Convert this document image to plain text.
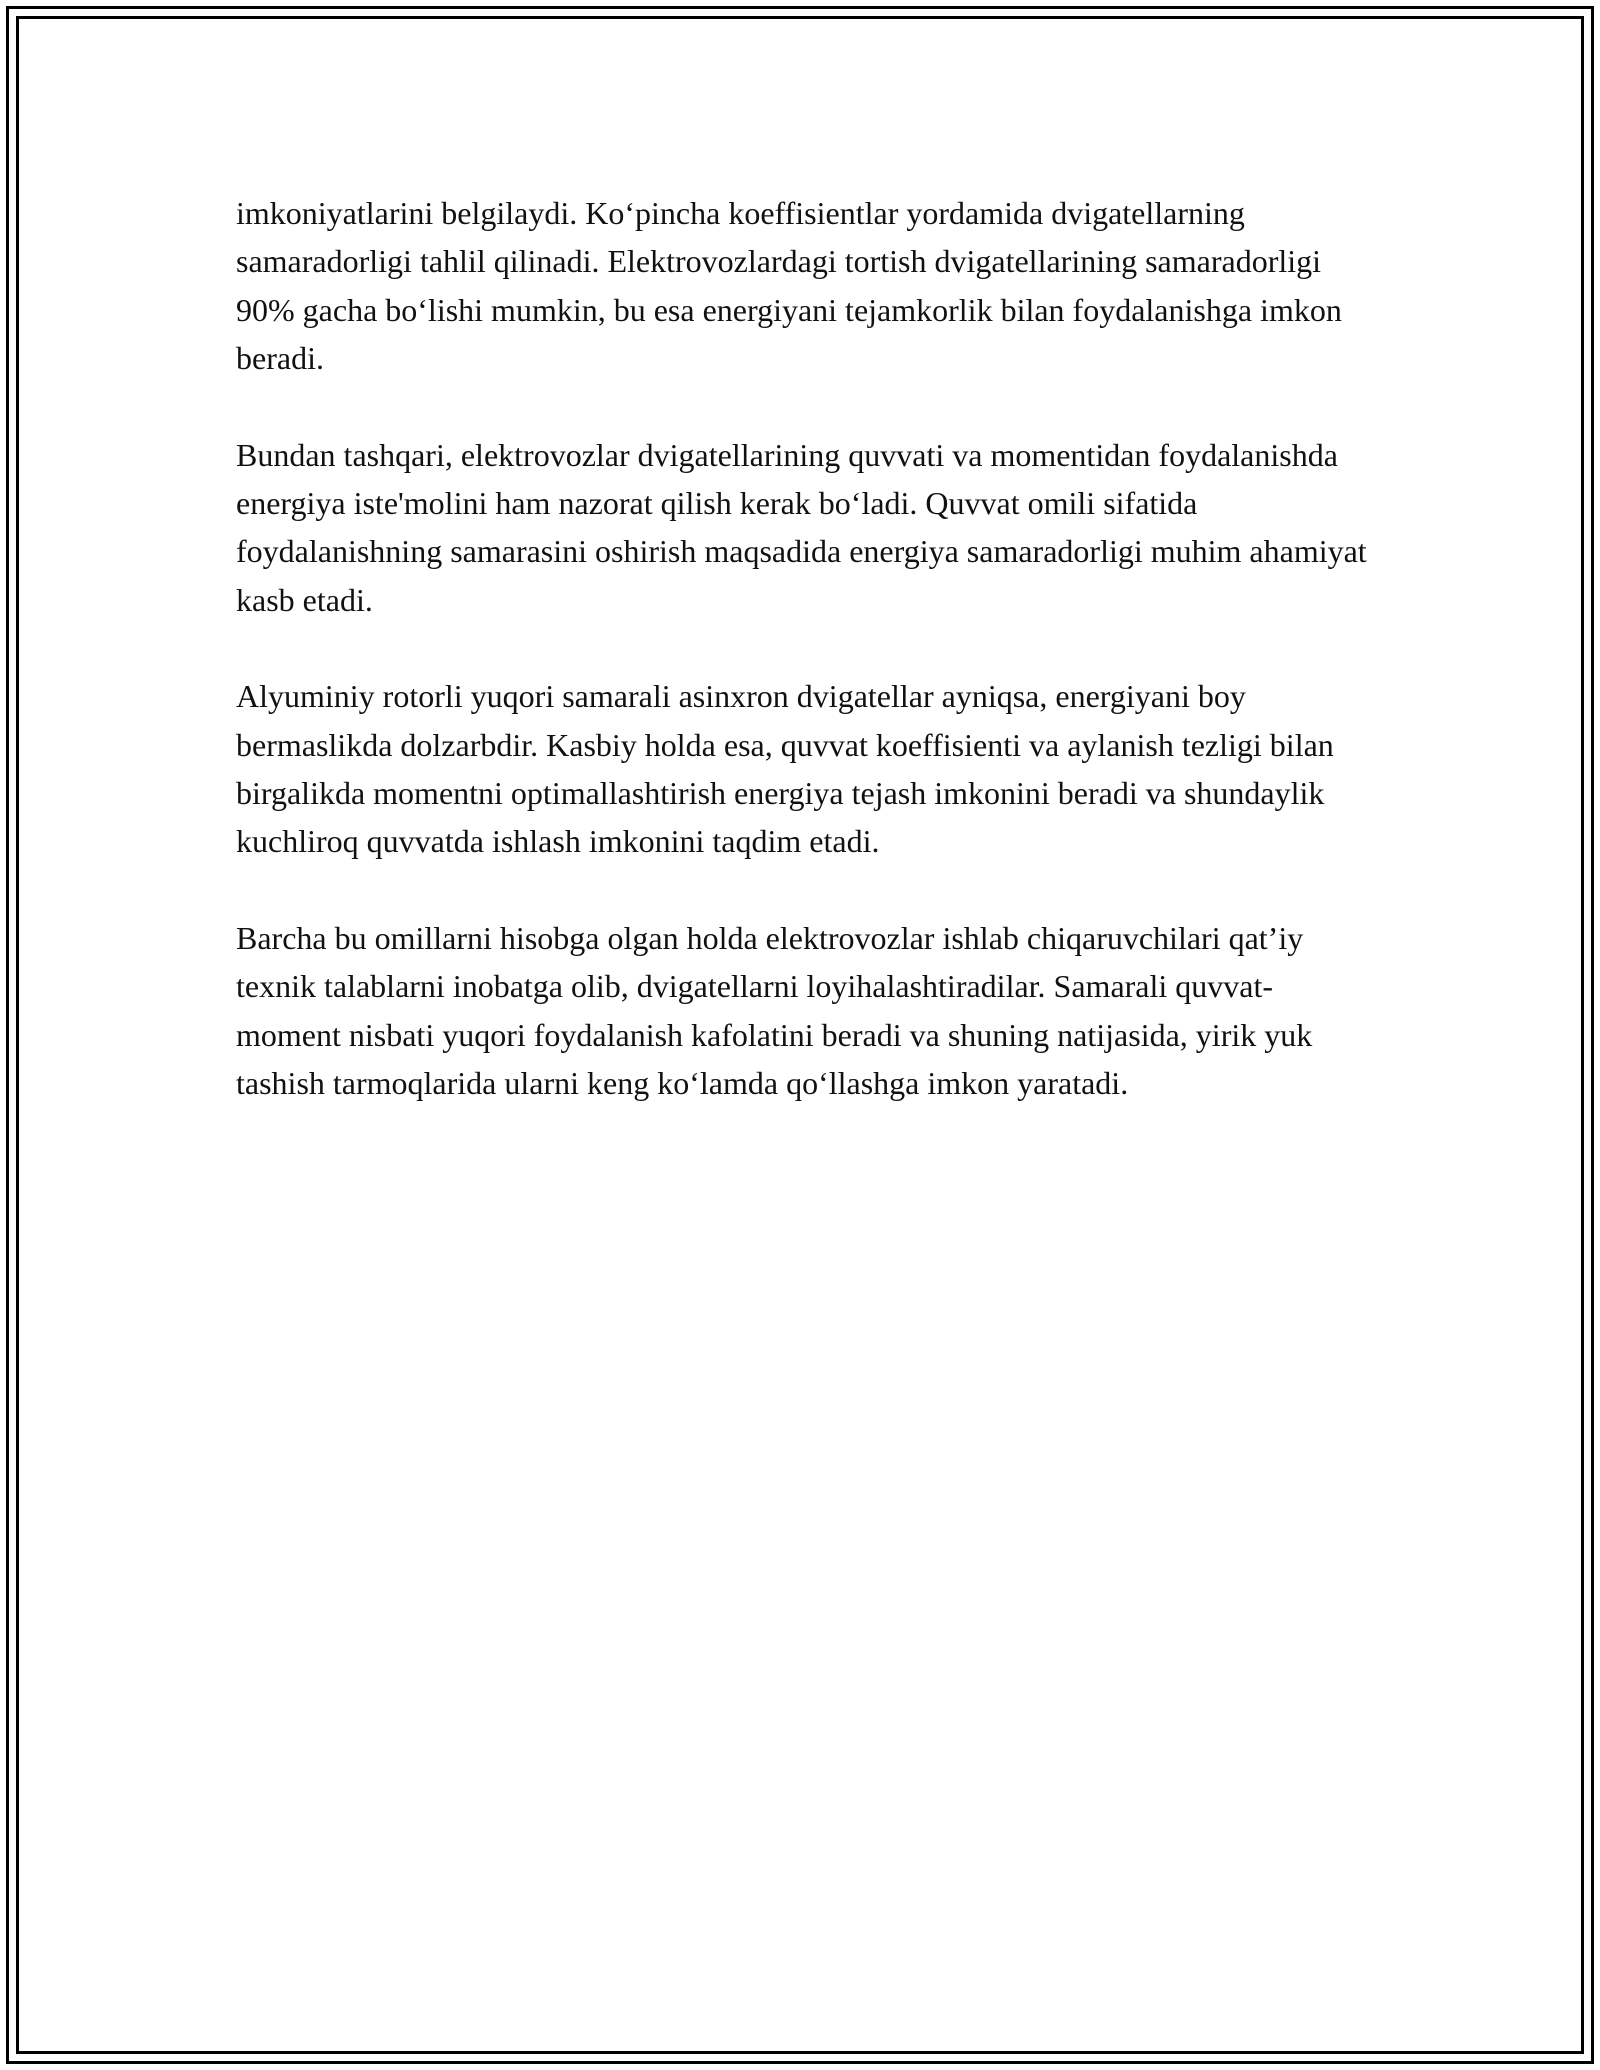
imkoniyatlarini belgilaydi. Ko‘pincha koeffisientlar yordamida dvigatellarning samaradorligi tahlil qilinadi. Elektrovozlardagi tortish dvigatellarining samaradorligi 90% gacha bo‘lishi mumkin, bu esa energiyani tejamkorlik bilan foydalanishga imkon beradi.

Bundan tashqari, elektrovozlar dvigatellarining quvvati va momentidan foydalanishda energiya iste'molini ham nazorat qilish kerak bo‘ladi. Quvvat omili sifatida foydalanishning samarasini oshirish maqsadida energiya samaradorligi muhim ahamiyat kasb etadi.

Alyuminiy rotorli yuqori samarali asinxron dvigatellar ayniqsa, energiyani boy bermaslikda dolzarbdir. Kasbiy holda esa, quvvat koeffisienti va aylanish tezligi bilan birgalikda momentni optimallashtirish energiya tejash imkonini beradi va shundaylik kuchliroq quvvatda ishlash imkonini taqdim etadi.

Barcha bu omillarni hisobga olgan holda elektrovozlar ishlab chiqaruvchilari qat’iy texnik talablarni inobatga olib, dvigatellarni loyihalashtiradilar. Samarali quvvat-moment nisbati yuqori foydalanish kafolatini beradi va shuning natijasida, yirik yuk tashish tarmoqlarida ularni keng ko‘lamda qo‘llashga imkon yaratadi.
